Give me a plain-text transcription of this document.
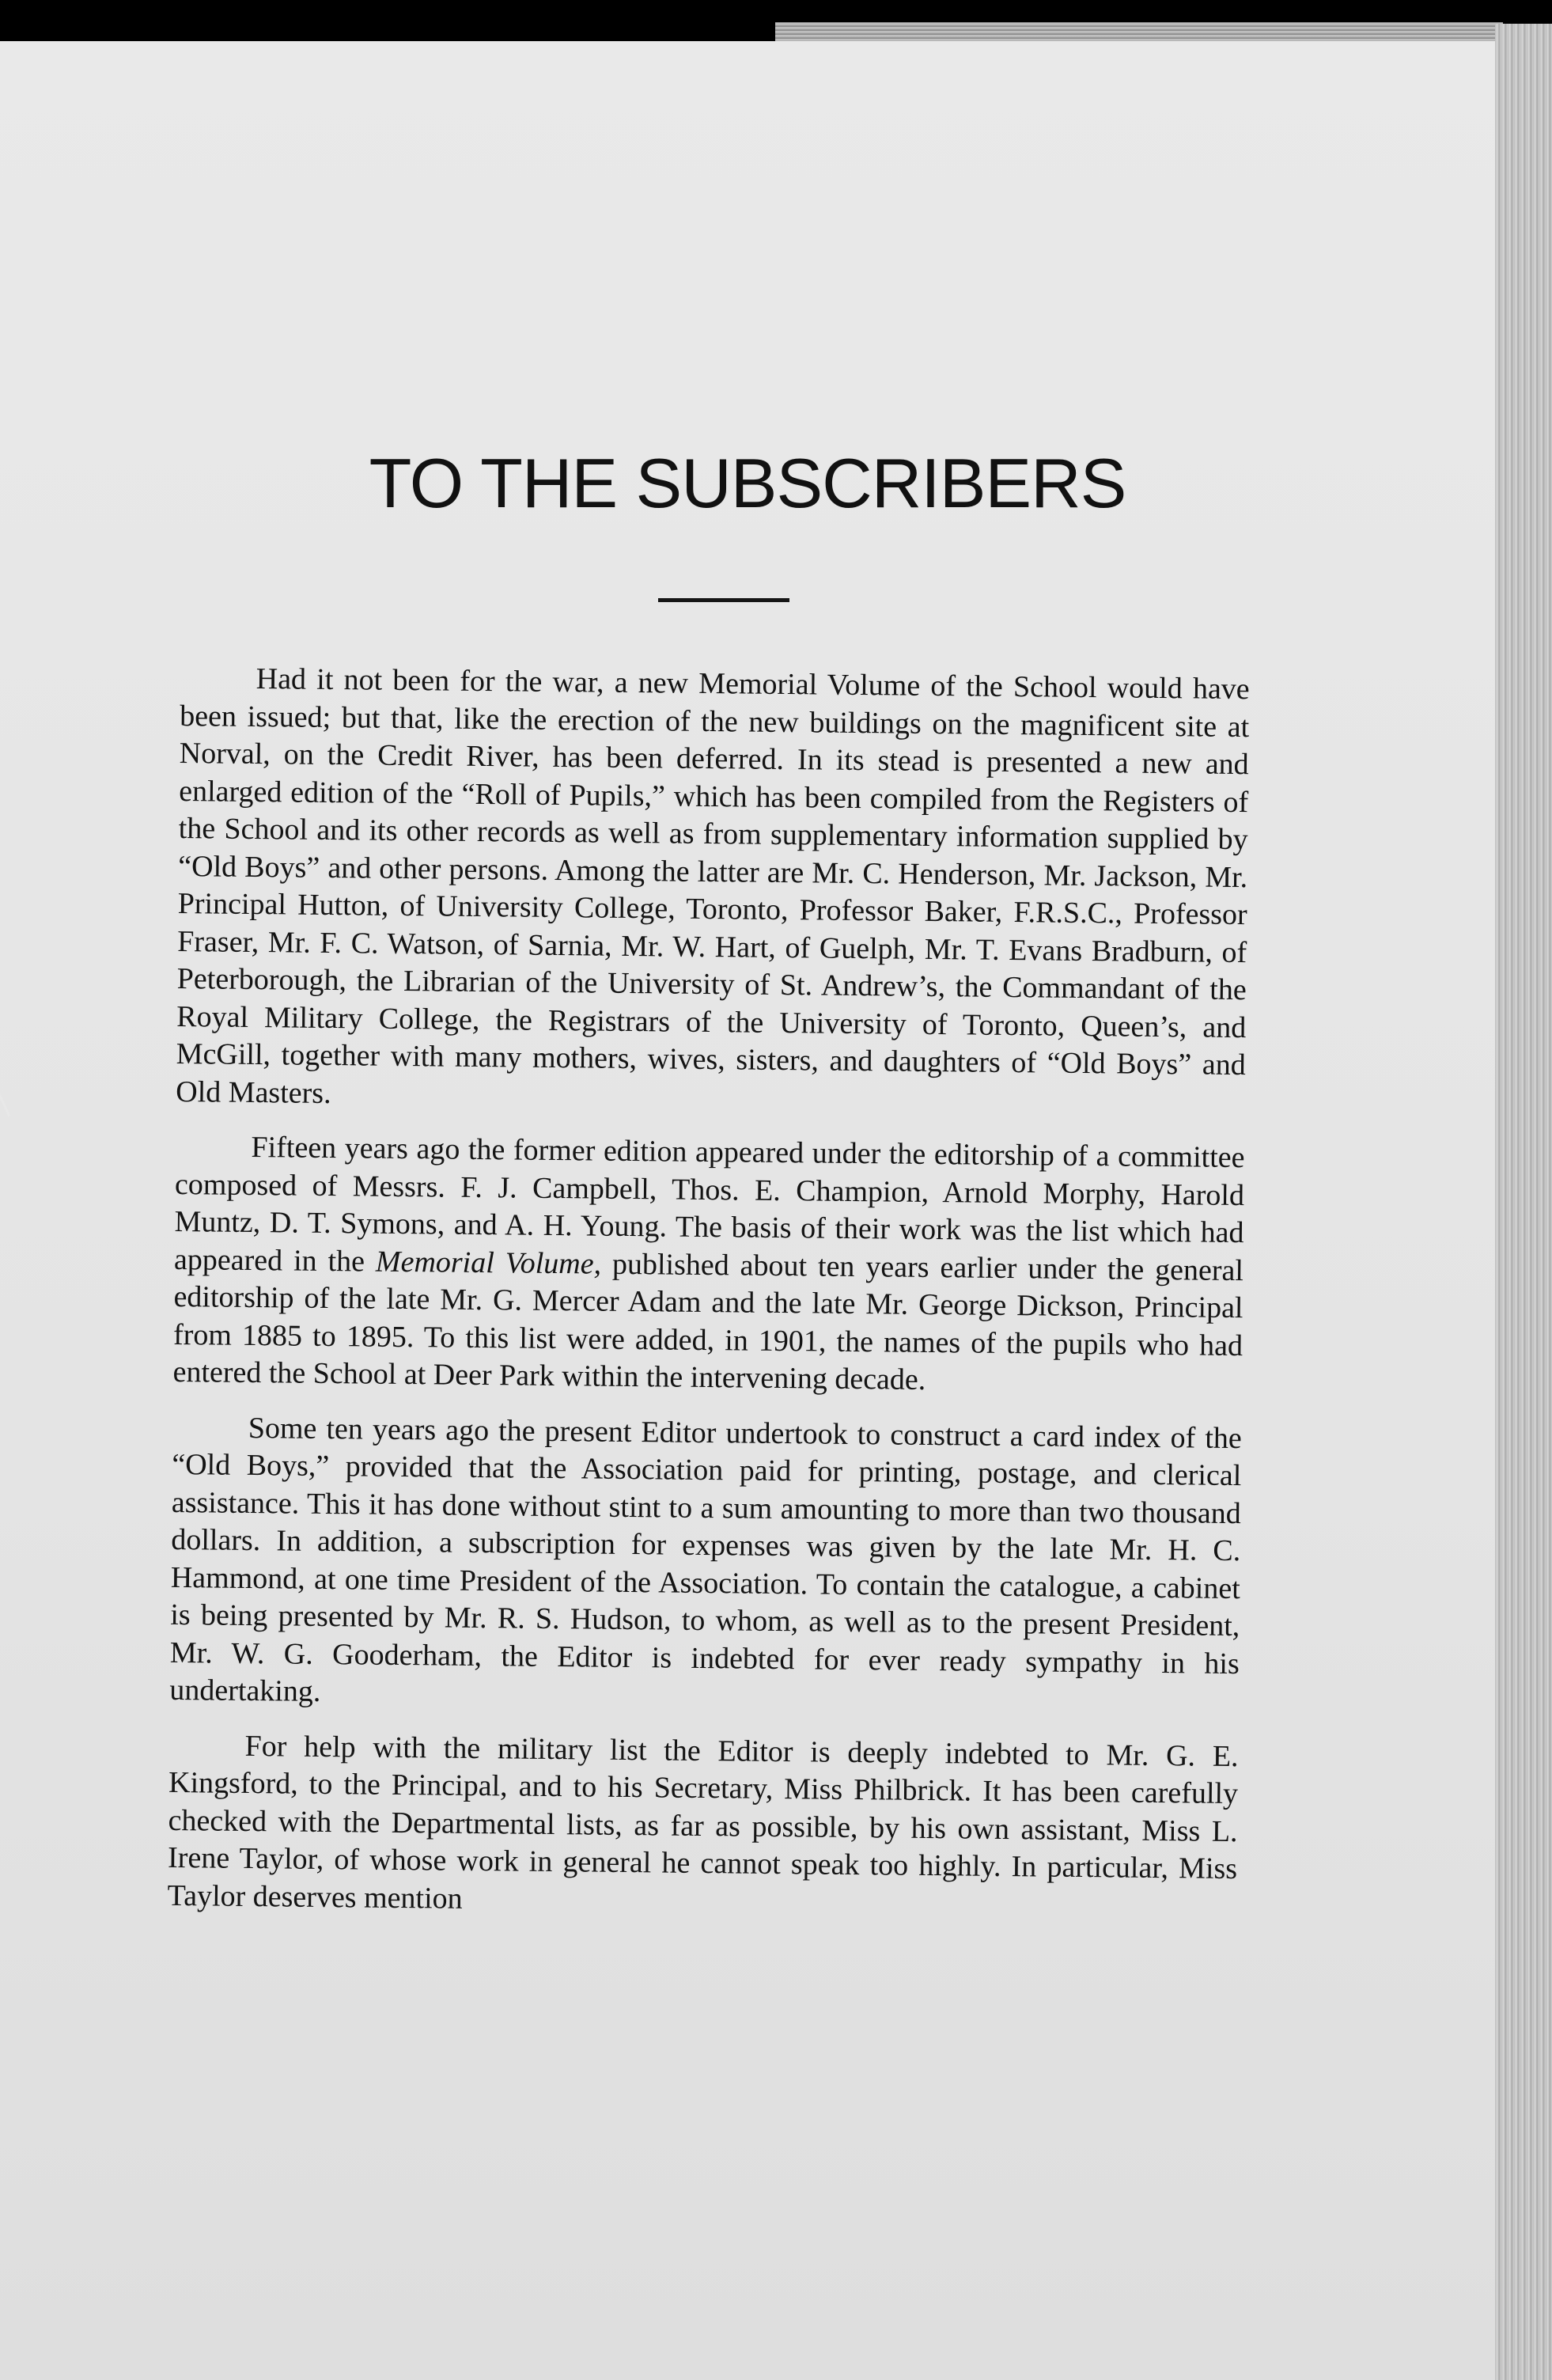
TO THE SUBSCRIBERS

Had it not been for the war, a new Memorial Volume of the School would have been issued; but that, like the erection of the new buildings on the magnificent site at Norval, on the Credit River, has been deferred. In its stead is presented a new and enlarged edition of the “Roll of Pupils,” which has been compiled from the Registers of the School and its other records as well as from supplementary information supplied by “Old Boys” and other persons. Among the latter are Mr. C. Henderson, Mr. Jackson, Mr. Principal Hutton, of University College, Toronto, Professor Baker, F.R.S.C., Professor Fraser, Mr. F. C. Watson, of Sarnia, Mr. W. Hart, of Guelph, Mr. T. Evans Bradburn, of Peterborough, the Librarian of the University of St. Andrew’s, the Commandant of the Royal Military College, the Registrars of the University of Toronto, Queen’s, and McGill, together with many mothers, wives, sisters, and daughters of “Old Boys” and Old Masters.

Fifteen years ago the former edition appeared under the editorship of a committee composed of Messrs. F. J. Campbell, Thos. E. Champion, Arnold Morphy, Harold Muntz, D. T. Symons, and A. H. Young. The basis of their work was the list which had appeared in the Memorial Volume, published about ten years earlier under the general editorship of the late Mr. G. Mercer Adam and the late Mr. George Dickson, Principal from 1885 to 1895. To this list were added, in 1901, the names of the pupils who had entered the School at Deer Park within the intervening decade.

Some ten years ago the present Editor undertook to construct a card index of the “Old Boys,” provided that the Association paid for printing, postage, and clerical assistance. This it has done without stint to a sum amounting to more than two thousand dollars. In addition, a subscription for expenses was given by the late Mr. H. C. Hammond, at one time President of the Association. To contain the catalogue, a cabinet is being presented by Mr. R. S. Hudson, to whom, as well as to the present President, Mr. W. G. Gooderham, the Editor is indebted for ever ready sympathy in his undertaking.

For help with the military list the Editor is deeply indebted to Mr. G. E. Kingsford, to the Principal, and to his Secretary, Miss Philbrick. It has been carefully checked with the Departmental lists, as far as possible, by his own assistant, Miss L. Irene Taylor, of whose work in general he cannot speak too highly. In particular, Miss Taylor deserves mention
